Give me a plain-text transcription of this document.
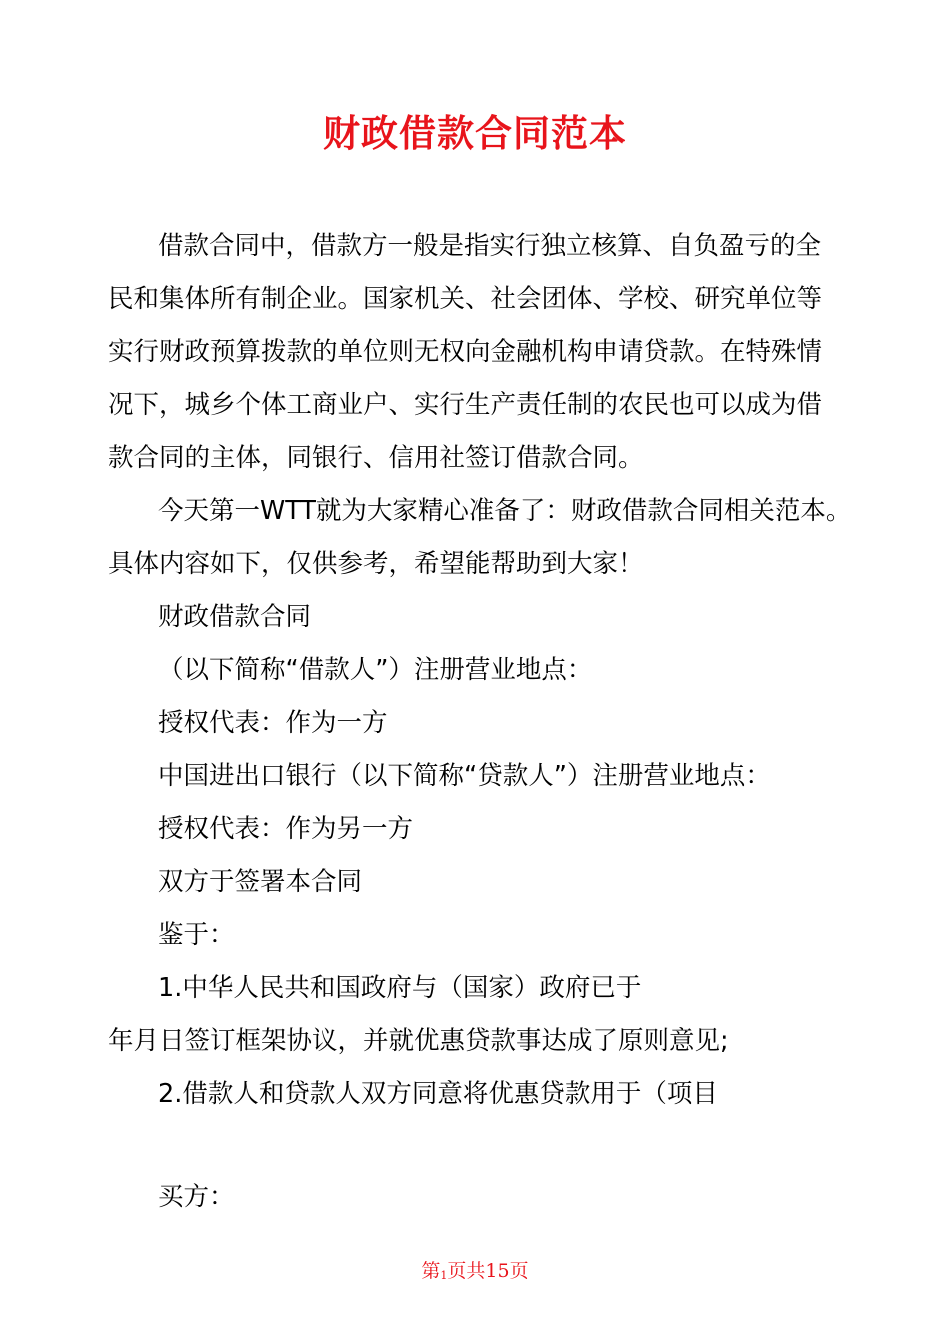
财政借款合同范本
借款合同中，借款方一般是指实行独立核算、自负盈亏的全
民和集体所有制企业。国家机关、社会团体、学校、研究单位等
实行财政预算拨款的单位则无权向金融机构申请贷款。在特殊情
况下，城乡个体工商业户、实行生产责任制的农民也可以成为借
款合同的主体，同银行、信用社签订借款合同。
今天第一WTT就为大家精心准备了：财政借款合同相关范本。
具体内容如下，仅供参考，希望能帮助到大家！
财政借款合同
（以下简称“借款人”）注册营业地点：
授权代表：作为一方
中国进出口银行（以下简称“贷款人”）注册营业地点：
授权代表：作为另一方
双方于签署本合同
鉴于：
1.中华人民共和国政府与（国家）政府已于
年月日签订框架协议，并就优惠贷款事达成了原则意见;
2.借款人和贷款人双方同意将优惠贷款用于（项目
买方：
第1页共15页
